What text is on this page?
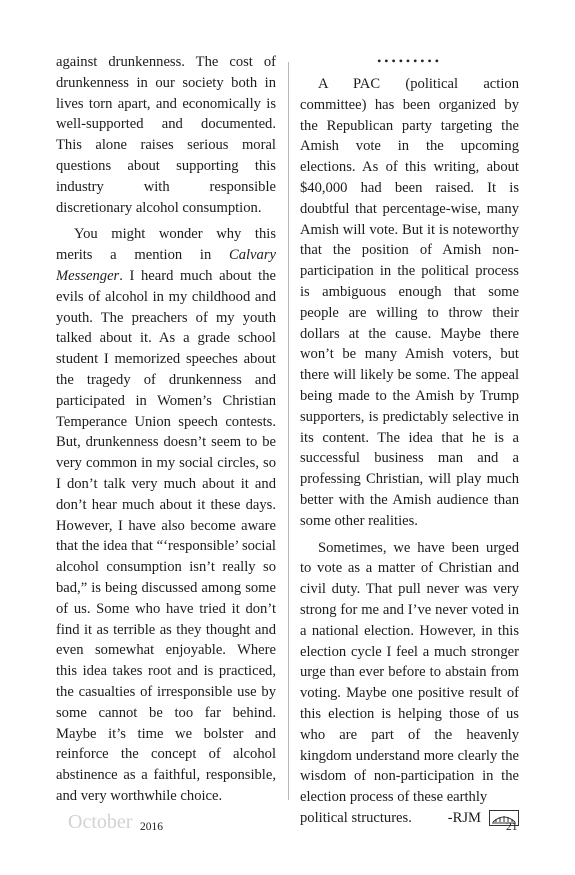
against drunkenness. The cost of drunkenness in our society both in lives torn apart, and economically is well-supported and documented. This alone raises serious moral questions about supporting this industry with responsible discretionary alcohol consumption.

You might wonder why this merits a mention in Calvary Messenger. I heard much about the evils of alcohol in my childhood and youth. The preachers of my youth talked about it. As a grade school student I memorized speeches about the tragedy of drunkenness and participated in Women’s Christian Temperance Union speech contests. But, drunkenness doesn’t seem to be very common in my social circles, so I don’t talk very much about it and don’t hear much about it these days. However, I have also become aware that the idea that “‘responsible’ social alcohol consumption isn’t really so bad,” is being discussed among some of us. Some who have tried it don’t find it as terrible as they thought and even somewhat enjoyable. Where this idea takes root and is practiced, the casualties of irresponsible use by some cannot be too far behind. Maybe it’s time we bolster and reinforce the concept of alcohol abstinence as a faithful, responsible, and very worthwhile choice.

•••••••••

A PAC (political action committee) has been organized by the Republican party targeting the Amish vote in the upcoming elections. As of this writing, about $40,000 had been raised. It is doubtful that percentage-wise, many Amish will vote. But it is noteworthy that the position of Amish non-participation in the political process is ambiguous enough that some people are willing to throw their dollars at the cause. Maybe there won’t be many Amish voters, but there will likely be some. The appeal being made to the Amish by Trump supporters, is predictably selective in its content. The idea that he is a successful business man and a professing Christian, will play much better with the Amish audience than some other realities.

Sometimes, we have been urged to vote as a matter of Christian and civil duty. That pull never was very strong for me and I’ve never voted in a national election. However, in this election cycle I feel a much stronger urge than ever before to abstain from voting. Maybe one positive result of this election is helping those of us who are part of the heavenly kingdom understand more clearly the wisdom of non-participation in the election process of these earthly

political structures. -RJM
October 2016	21
